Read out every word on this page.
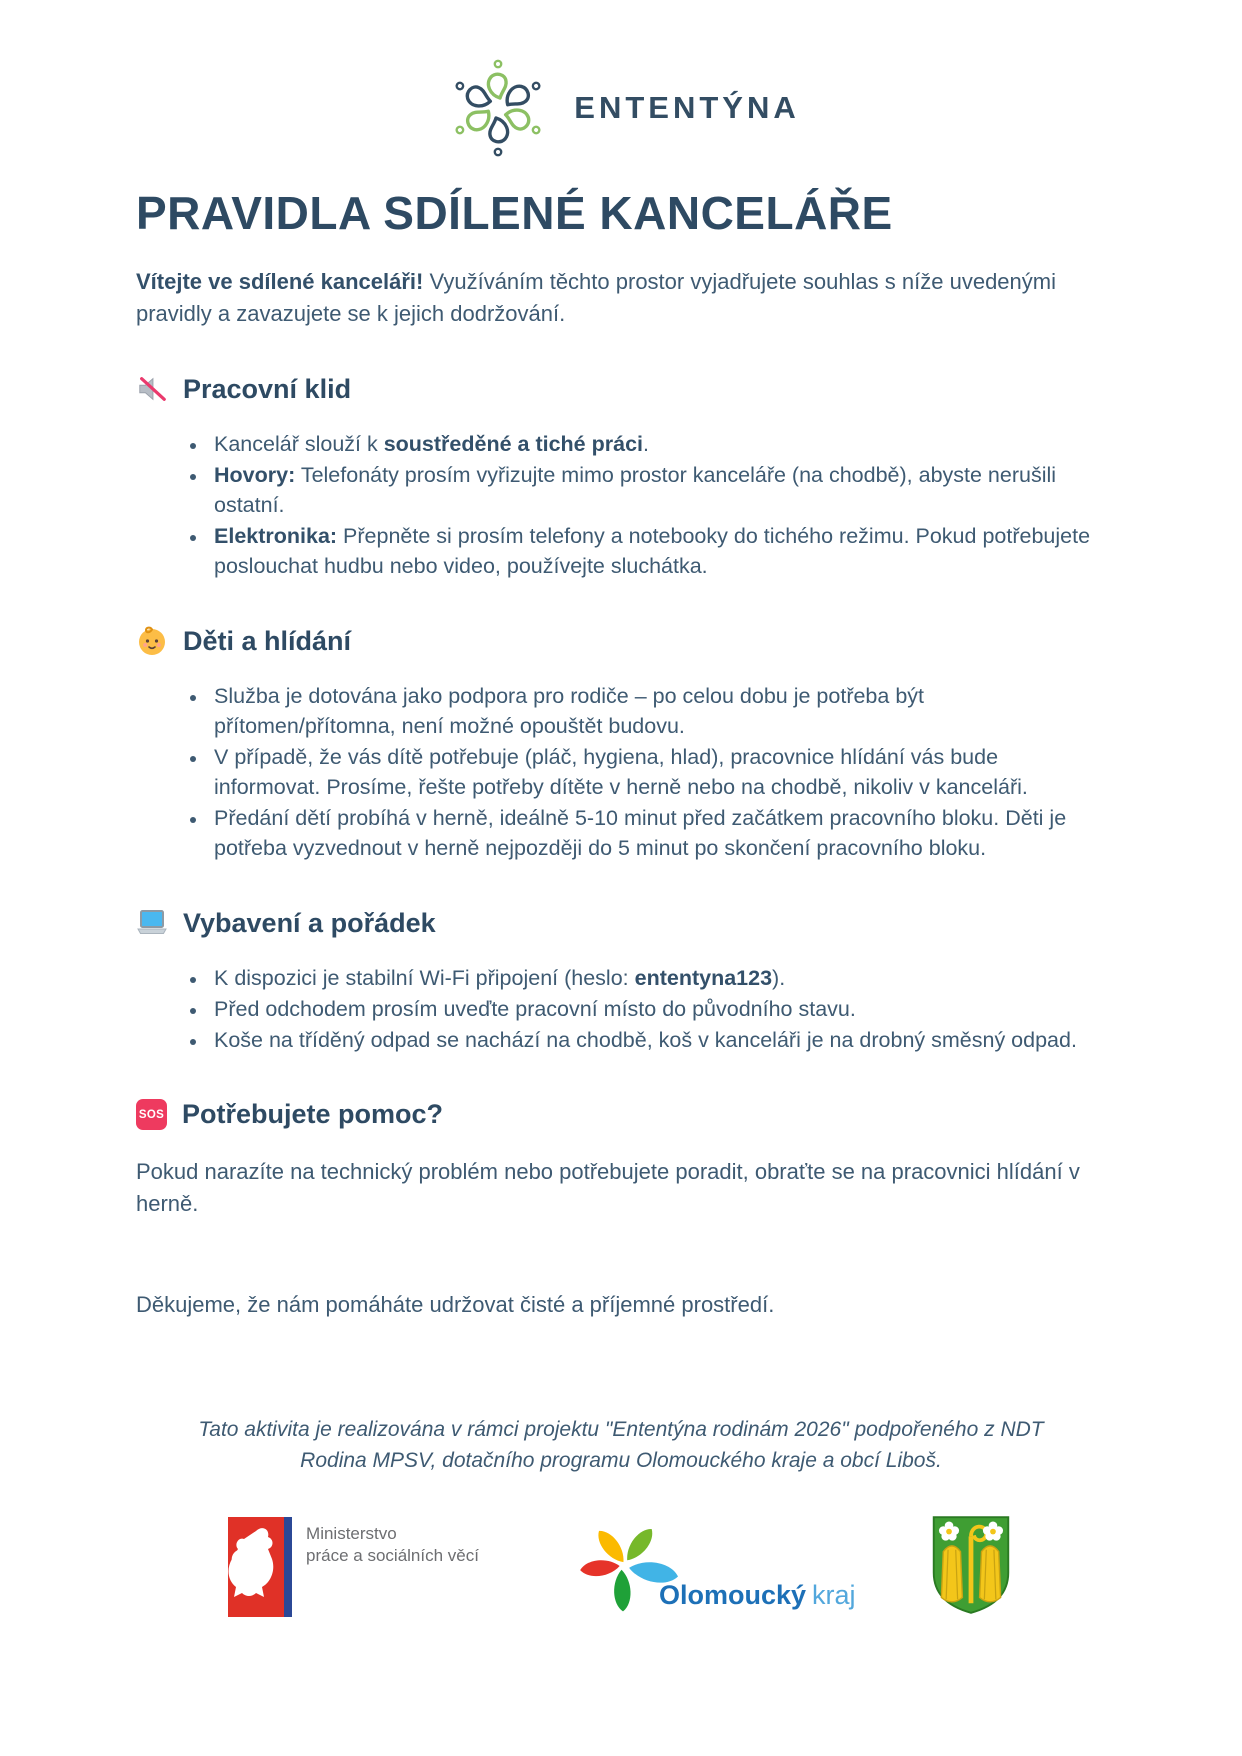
ENTENTÝNA
PRAVIDLA SDÍLENÉ KANCELÁŘE

Vítejte ve sdílené kanceláři! Využíváním těchto prostor vyjadřujete souhlas s níže uvedenými pravidly a zavazujete se k jejich dodržování.

Pracovní klid
• Kancelář slouží k soustředěné a tiché práci.
• Hovory: Telefonáty prosím vyřizujte mimo prostor kanceláře (na chodbě), abyste nerušili ostatní.
• Elektronika: Přepněte si prosím telefony a notebooky do tichého režimu. Pokud potřebujete poslouchat hudbu nebo video, používejte sluchátka.
Děti a hlídání
• Služba je dotována jako podpora pro rodiče – po celou dobu je potřeba být přítomen/přítomna, není možné opouštět budovu.
• V případě, že vás dítě potřebuje (pláč, hygiena, hlad), pracovnice hlídání vás bude informovat. Prosíme, řešte potřeby dítěte v herně nebo na chodbě, nikoliv v kanceláři.
• Předání dětí probíhá v herně, ideálně 5-10 minut před začátkem pracovního bloku. Děti je potřeba vyzvednout v herně nejpozději do 5 minut po skončení pracovního bloku.
Vybavení a pořádek
• K dispozici je stabilní Wi-Fi připojení (heslo: ententyna123).
• Před odchodem prosím uveďte pracovní místo do původního stavu.
• Koše na tříděný odpad se nachází na chodbě, koš v kanceláři je na drobný směsný odpad.
SOS Potřebujete pomoc?

Pokud narazíte na technický problém nebo potřebujete poradit, obraťte se na pracovnici hlídání v herně.

Děkujeme, že nám pomáháte udržovat čisté a příjemné prostředí.

Tato aktivita je realizována v rámci projektu "Ententýna rodinám 2026" podpořeného z NDT Rodina MPSV, dotačního programu Olomouckého kraje a obcí Liboš.

Ministerstvo
práce a sociálních věcí
Olomoucký kraj
